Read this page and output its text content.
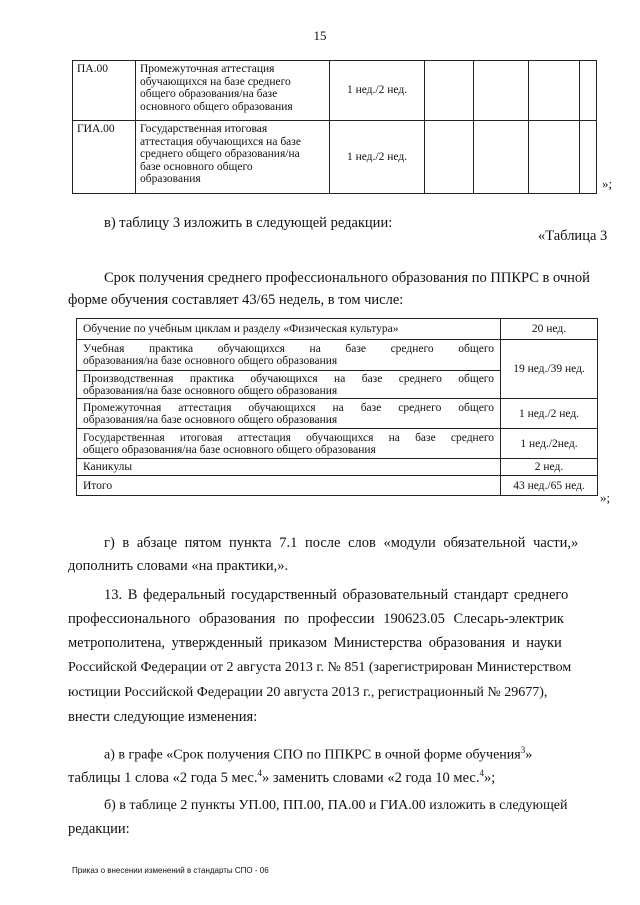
15
ПА.00	Промежуточная аттестация
обучающихся на базе среднего
общего образования/на базе
основного общего образования	1 нед./2 нед.				
ГИА.00	Государственная итоговая
аттестация обучающихся на базе
среднего общего образования/на
базе основного общего
образования	1 нед./2 нед.				
»;
в) таблицу 3 изложить в следующей редакции:
«Таблица 3
Срок получения среднего профессионального образования по ППКРС в очной
форме обучения составляет 43/65 недель, в том числе:
Обучение по учебным циклам и разделу «Физическая культура»	20 нед.

Учебная практика обучающихся на базе среднего общего
образования/на базе основного общего образования	19 нед./39 нед.

Производственная практика обучающихся на базе среднего общего
образования/на базе основного общего образования	

Промежуточная аттестация обучающихся на базе среднего общего
образования/на базе основного общего образования	1 нед./2 нед.

Государственная итоговая аттестация обучающихся на базе среднего
общего образования/на базе основного общего образования	1 нед./2нед.

Каникулы	2 нед.

Итого	43 нед./65 нед.
»;
г) в абзаце пятом пункта 7.1 после слов «модули обязательной части,»
дополнить словами «на практики,».
13. В федеральный государственный образовательный стандарт среднего
профессионального образования по профессии 190623.05 Слесарь-электрик
метрополитена, утвержденный приказом Министерства образования и науки
Российской Федерации от 2 августа 2013 г. № 851 (зарегистрирован Министерством
юстиции Российской Федерации 20 августа 2013 г., регистрационный № 29677),
внести следующие изменения:
а) в графе «Срок получения СПО по ППКРС в очной форме обучения$^3$»
таблицы 1 слова «2 года 5 мес.$^4$» заменить словами «2 года 10 мес.$^4$»;
б) в таблице 2 пункты УП.00, ПП.00, ПА.00 и ГИА.00 изложить в следующей
редакции:
Приказ о внесении изменений в стандарты СПО - 06
